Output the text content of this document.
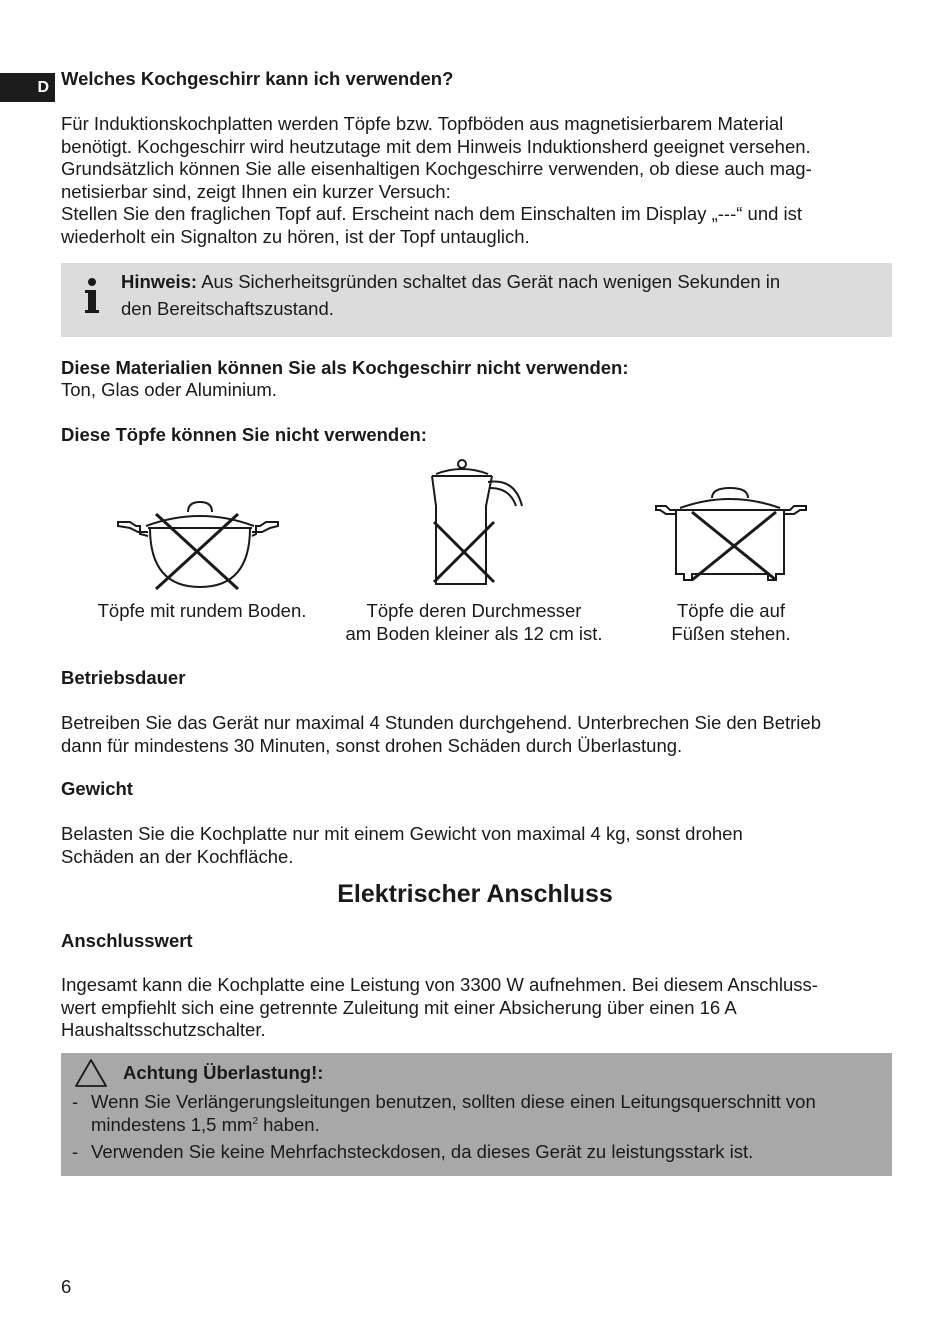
D Welches Kochgeschirr kann ich verwenden?

Für Induktionskochplatten werden Töpfe bzw. Topfböden aus magnetisierbarem Material

benötigt. Kochgeschirr wird heutzutage mit dem Hinweis Induktionsherd geeignet versehen.

Grundsätzlich können Sie alle eisenhaltigen Kochgeschirre verwenden, ob diese auch mag-

netisierbar sind, zeigt Ihnen ein kurzer Versuch:

Stellen Sie den fraglichen Topf auf. Erscheint nach dem Einschalten im Display „---“ und ist

wiederholt ein Signalton zu hören, ist der Topf untauglich.

Hinweis: Aus Sicherheitsgründen schaltet das Gerät nach wenigen Sekunden in
den Bereitschaftszustand.
Diese Materialien können Sie als Kochgeschirr nicht verwenden:
Ton, Glas oder Aluminium.
Diese Töpfe können Sie nicht verwenden:
Töpfe mit rundem Boden.	Töpfe deren Durchmesser
am Boden kleiner als 12 cm ist.
Töpfe die auf
Füßen stehen.
Betriebsdauer

Betreiben Sie das Gerät nur maximal 4 Stunden durchgehend. Unterbrechen Sie den Betrieb

dann für mindestens 30 Minuten, sonst drohen Schäden durch Überlastung.

Gewicht

Belasten Sie die Kochplatte nur mit einem Gewicht von maximal 4 kg, sonst drohen

Schäden an der Kochfläche.

Elektrischer Anschluss
Anschlusswert

Ingesamt kann die Kochplatte eine Leistung von 3300 W aufnehmen. Bei diesem Anschluss-

wert empfiehlt sich eine getrennte Zuleitung mit einer Absicherung über einen 16 A

Haushaltsschutzschalter.

Achtung Überlastung!:
- Wenn Sie Verlängerungsleitungen benutzen, sollten diese einen Leitungsquerschnitt von
mindestens 1,5 $mm^2$ haben.
- Verwenden Sie keine Mehrfachsteckdosen, da dieses Gerät zu leistungsstark ist.
6
